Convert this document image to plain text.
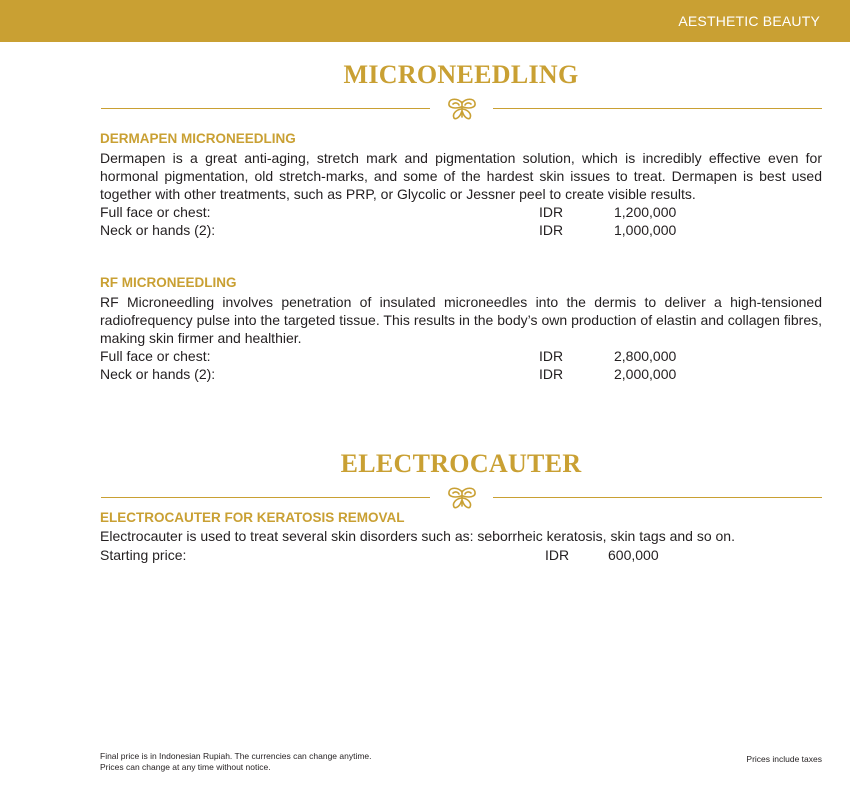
AESTHETIC BEAUTY
MICRONEEDLING
DERMAPEN MICRONEEDLING
Dermapen is a great anti-aging, stretch mark and pigmentation solution, which is incredibly effective even for hormonal pigmentation, old stretch-marks, and some of the hardest skin issues to treat. Dermapen is best used together with other treatments, such as PRP, or Glycolic or Jessner peel to create visible results.
Full face or chest:	IDR	1,200,000
Neck or hands (2):	IDR	1,000,000
RF MICRONEEDLING
RF Microneedling involves penetration of insulated microneedles into the dermis to deliver a high-tensioned radiofrequency pulse into the targeted tissue. This results in the body’s own production of elastin and collagen fibres, making skin firmer and healthier.
Full face or chest:	IDR	2,800,000
Neck or hands (2):	IDR	2,000,000
ELECTROCAUTER
ELECTROCAUTER FOR KERATOSIS REMOVAL
Electrocauter is used to treat several skin disorders such as: seborrheic keratosis, skin tags and so on.
Starting price:	IDR	600,000
Final price is in Indonesian Rupiah. The currencies can change anytime.
Prices can change at any time without notice.
Prices include taxes
